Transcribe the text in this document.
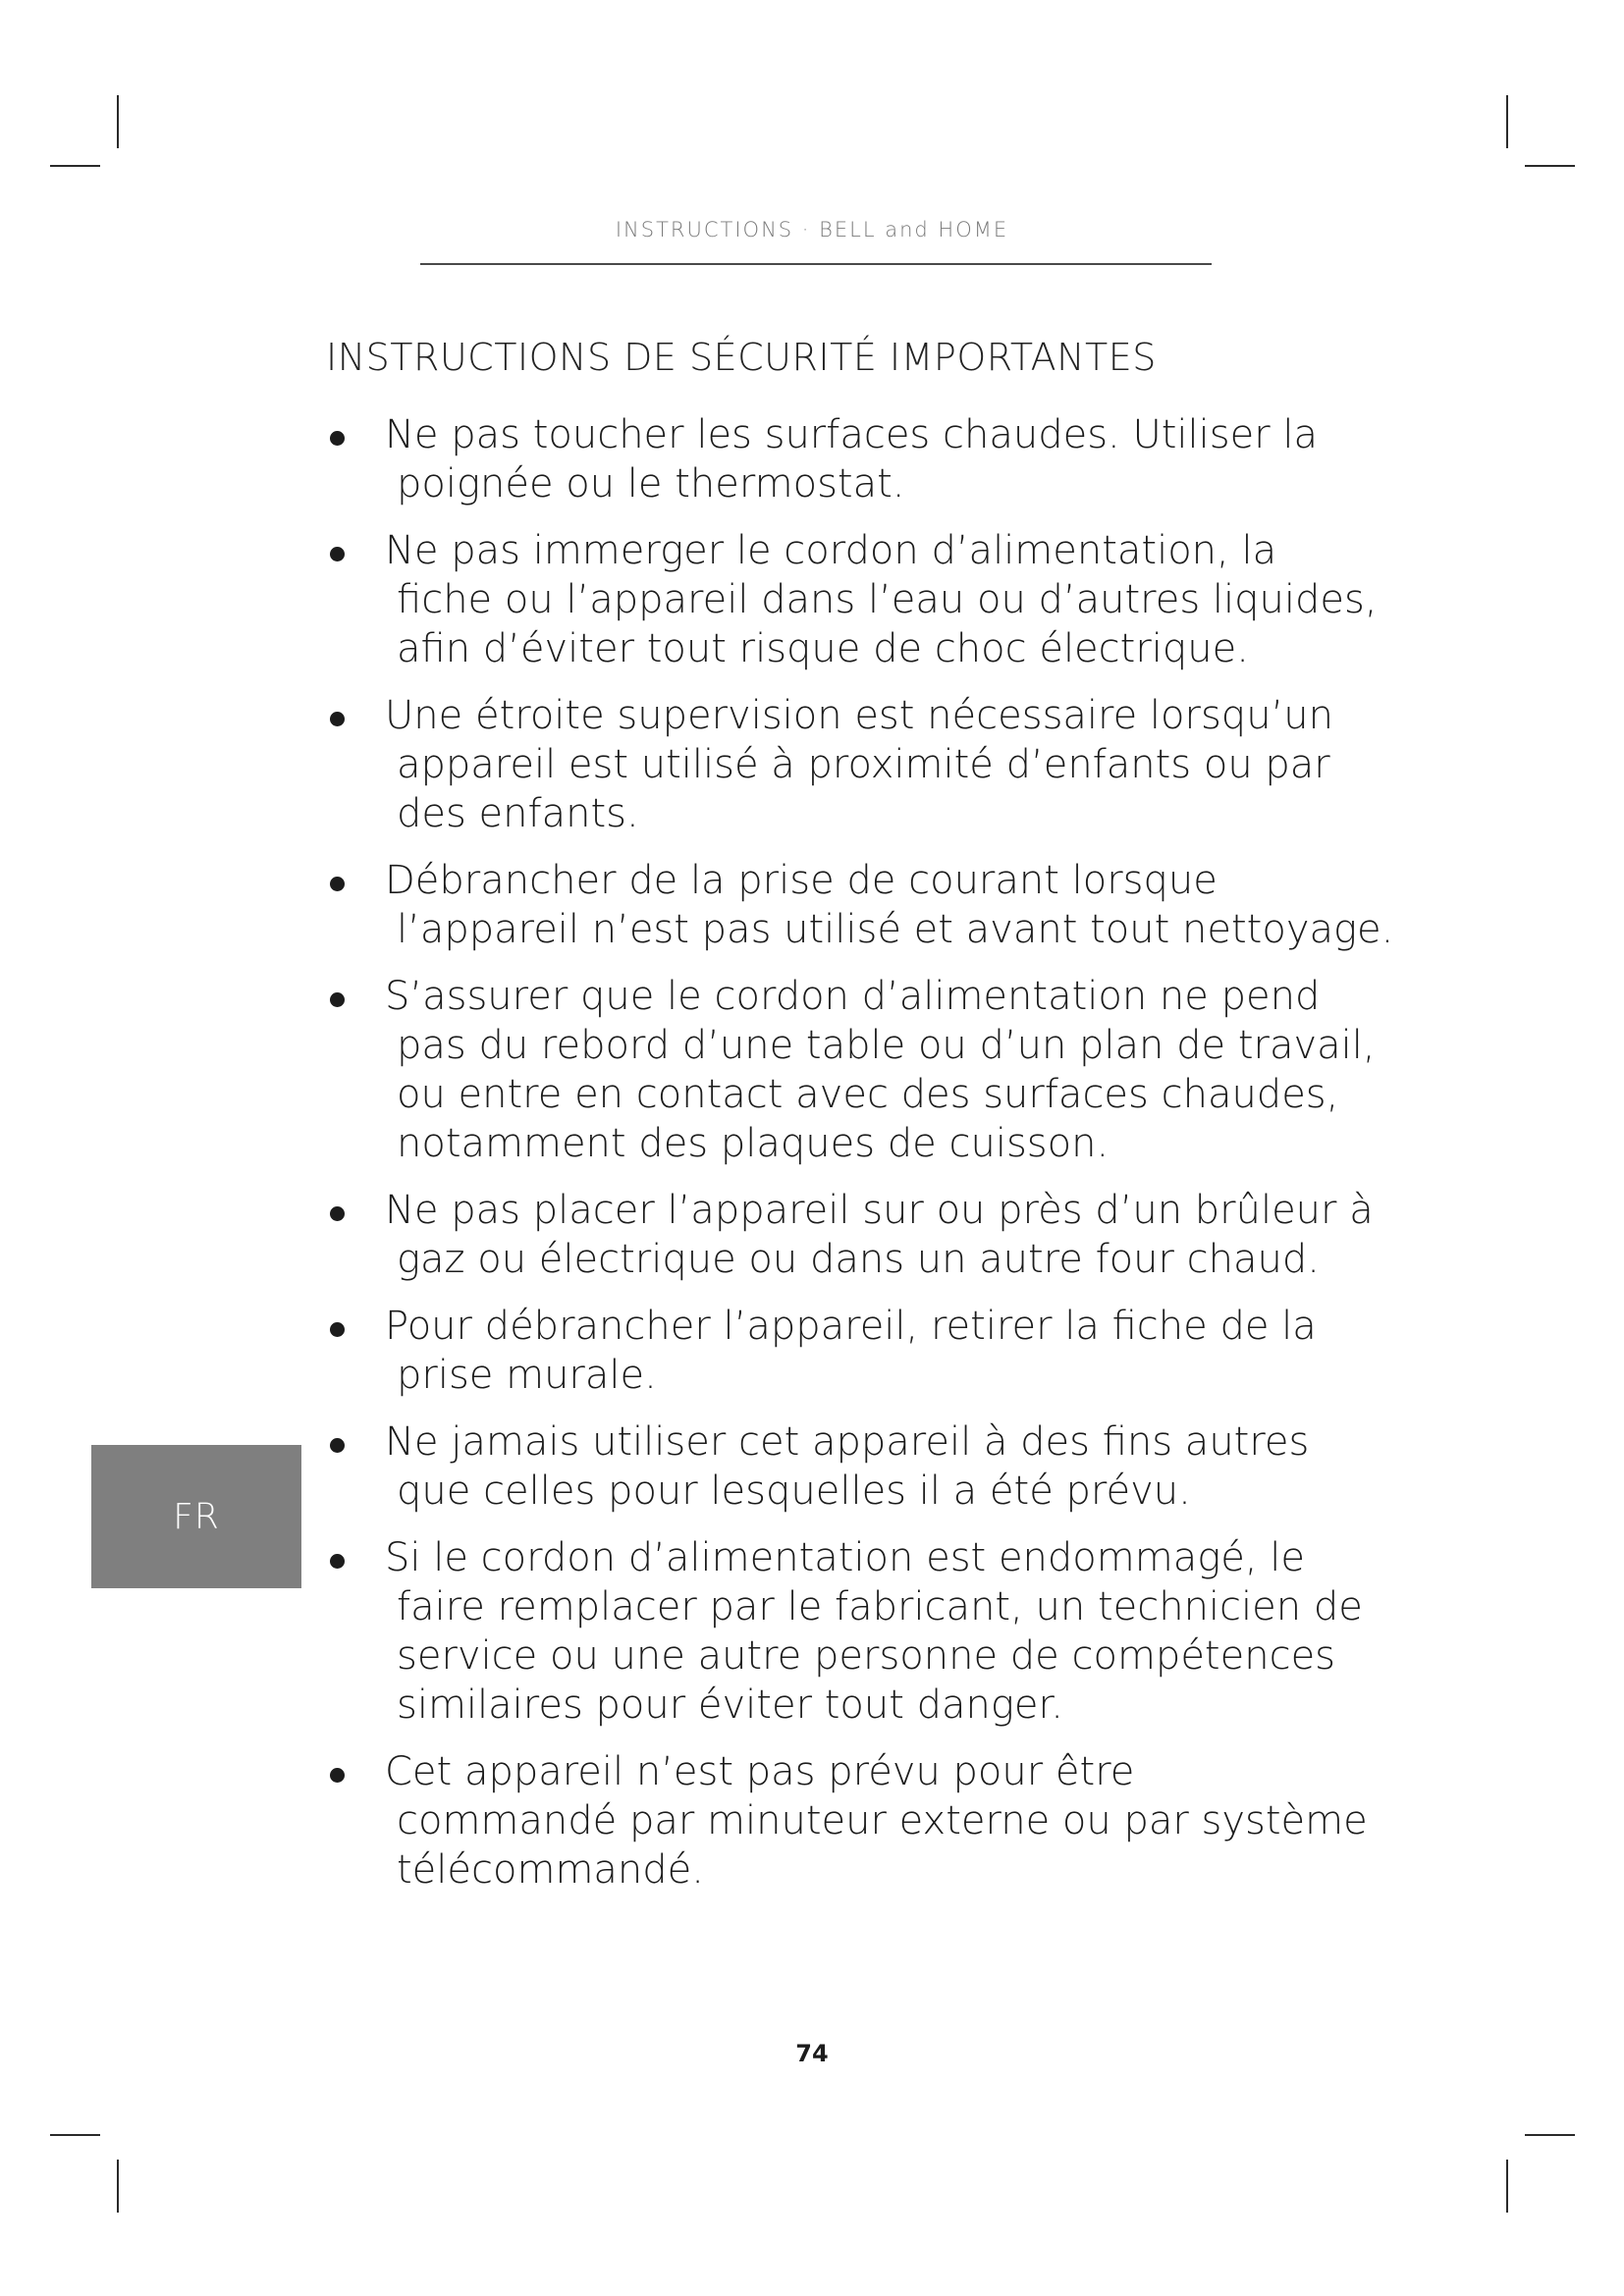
INSTRUCTIONS · BELL and HOME
INSTRUCTIONS DE SÉCURITÉ IMPORTANTES
Ne pas toucher les surfaces chaudes. Utiliser la
poignée ou le thermostat.
Ne pas immerger le cordon d’alimentation, la
fiche ou l’appareil dans l’eau ou d’autres liquides,
afin d’éviter tout risque de choc électrique.
Une étroite supervision est nécessaire lorsqu’un
appareil est utilisé à proximité d’enfants ou par
des enfants.
Débrancher de la prise de courant lorsque
l’appareil n’est pas utilisé et avant tout nettoyage.
S’assurer que le cordon d’alimentation ne pend
pas du rebord d’une table ou d’un plan de travail,
ou entre en contact avec des surfaces chaudes,
notamment des plaques de cuisson.
Ne pas placer l’appareil sur ou près d’un brûleur à
gaz ou électrique ou dans un autre four chaud.
Pour débrancher l’appareil, retirer la fiche de la
prise murale.
Ne jamais utiliser cet appareil à des fins autres
que celles pour lesquelles il a été prévu.
Si le cordon d’alimentation est endommagé, le
faire remplacer par le fabricant, un technicien de
service ou une autre personne de compétences
similaires pour éviter tout danger.
Cet appareil n’est pas prévu pour être
commandé par minuteur externe ou par système
télécommandé.
FR
74
